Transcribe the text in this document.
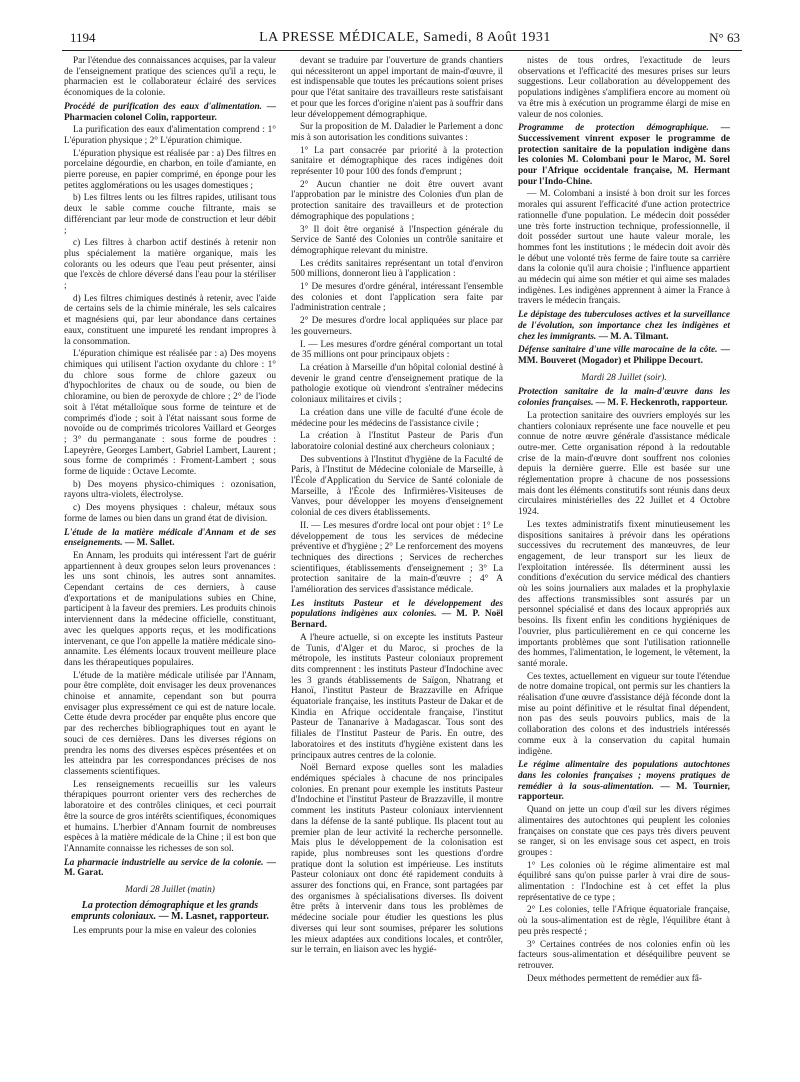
1194	LA PRESSE MÉDICALE, Samedi, 8 Août 1931	N° 63

Par l'étendue des connaissances acquises, par la valeur de l'enseignement pratique des sciences qu'il a reçu, le pharmacien est le collaborateur éclairé des services économiques de la colonie.

Procédé de purification des eaux d'alimentation. — Pharmacien colonel Colin, rapporteur.

La purification des eaux d'alimentation comprend : 1° L'épuration physique ; 2° L'épuration chimique.

L'épuration physique est réalisée par : a) Des filtres en porcelaine dégourdie, en charbon, en toile d'amiante, en pierre poreuse, en papier comprimé, en éponge pour les petites agglomérations ou les usages domestiques ;

b) Les filtres lents ou les filtres rapides, utilisant tous deux le sable comme couche filtrante, mais se différenciant par leur mode de construction et leur débit ;

c) Les filtres à charbon actif destinés à retenir non plus spécialement la matière organique, mais les colorants ou les odeurs que l'eau peut présenter, ainsi que l'excès de chlore déversé dans l'eau pour la stériliser ;

d) Les filtres chimiques destinés à retenir, avec l'aide de certains sels de la chimie minérale, les sels calcaires et magnésiens qui, par leur abondance dans certaines eaux, constituent une impureté les rendant impropres à la consommation.

L'épuration chimique est réalisée par : a) Des moyens chimiques qui utilisent l'action oxydante du chlore : 1° du chlore sous forme de chlore gazeux ou d'hypochlorites de chaux ou de soude, ou bien de chloramine, ou bien de peroxyde de chlore ; 2° de l'iode soit à l'état métalloïque sous forme de teinture et de comprimés d'iode ; soit à l'état naissant sous forme de novoïde ou de comprimés tricolores Vaillard et Georges ; 3° du permanganate : sous forme de poudres : Lapeyrère, Georges Lambert, Gabriel Lambert, Laurent ; sous forme de comprimés : Froment-Lambert ; sous forme de liquide : Octave Lecomte.

b) Des moyens physico-chimiques : ozonisation, rayons ultra-violets, électrolyse.

c) Des moyens physiques : chaleur, métaux sous forme de lames ou bien dans un grand état de division.

L'étude de la matière médicale d'Annam et de ses enseignements. — M. Sallet.

En Annam, les produits qui intéressent l'art de guérir appartiennent à deux groupes selon leurs provenances : les uns sont chinois, les autres sont annamites. Cependant certains de ces derniers, à cause d'exportations et de manipulations subies en Chine, participent à la faveur des premiers. Les produits chinois interviennent dans la médecine officielle, constituant, avec les quelques apports reçus, et les modifications intervenant, ce que l'on appelle la matière médicale sino-annamite. Les éléments locaux trouvent meilleure place dans les thérapeutiques populaires.

L'étude de la matière médicale utilisée par l'Annam, pour être complète, doit envisager les deux provenances chinoise et annamite, cependant son but pourra envisager plus expressément ce qui est de nature locale. Cette étude devra procéder par enquête plus encore que par des recherches bibliographiques tout en ayant le souci de ces dernières. Dans les diverses régions on prendra les noms des diverses espèces présentées et on les atteindra par les correspondances précises de nos classements scientifiques.

Les renseignements recueillis sur les valeurs thérapiques pourront orienter vers des recherches de laboratoire et des contrôles cliniques, et ceci pourrait être la source de gros intérêts scientifiques, économiques et humains. L'herbier d'Annam fournit de nombreuses espèces à la matière médicale de la Chine ; il est bon que l'Annamite connaisse les richesses de son sol.

La pharmacie industrielle au service de la colonie. — M. Garat.

Mardi 28 Juillet (matin)

La protection démographique et les grands emprunts coloniaux. — M. Lasnet, rapporteur.

Les emprunts pour la mise en valeur des colonies

devant se traduire par l'ouverture de grands chantiers qui nécessiteront un appel important de main-d'œuvre, il est indispensable que toutes les précautions soient prises pour que l'état sanitaire des travailleurs reste satisfaisant et pour que les forces d'origine n'aient pas à souffrir dans leur développement démographique.

Sur la proposition de M. Daladier le Parlement a donc mis à son autorisation les conditions suivantes :

1° La part consacrée par priorité à la protection sanitaire et démographique des races indigènes doit représenter 10 pour 100 des fonds d'emprunt ;

2° Aucun chantier ne doit être ouvert avant l'approbation par le ministre des Colonies d'un plan de protection sanitaire des travailleurs et de protection démographique des populations ;

3° Il doit être organisé à l'Inspection générale du Service de Santé des Colonies un contrôle sanitaire et démographique relevant du ministre.

Les crédits sanitaires représentant un total d'environ 500 millions, donneront lieu à l'application :

1° De mesures d'ordre général, intéressant l'ensemble des colonies et dont l'application sera faite par l'administration centrale ;

2° De mesures d'ordre local appliquées sur place par les gouverneurs.

I. — Les mesures d'ordre général comportant un total de 35 millions ont pour principaux objets :

La création à Marseille d'un hôpital colonial destiné à devenir le grand centre d'enseignement pratique de la pathologie exotique où viendront s'entraîner médecins coloniaux militaires et civils ;

La création dans une ville de faculté d'une école de médecine pour les médecins de l'assistance civile ;

La création à l'Institut Pasteur de Paris d'un laboratoire colonial destiné aux chercheurs coloniaux ;

Des subventions à l'Institut d'hygiène de la Faculté de Paris, à l'Institut de Médecine coloniale de Marseille, à l'École d'Application du Service de Santé coloniale de Marseille, à l'École des Infirmières-Visiteuses de Vanves, pour développer les moyens d'enseignement colonial de ces divers établissements.

II. — Les mesures d'ordre local ont pour objet : 1° Le développement de tous les services de médecine préventive et d'hygiène ; 2° Le renforcement des moyens techniques des directions ; Services de recherches scientifiques, établissements d'enseignement ; 3° La protection sanitaire de la main-d'œuvre ; 4° A l'amélioration des services d'assistance médicale.

Les instituts Pasteur et le développement des populations indigènes aux colonies. — M. P. Noël Bernard.

A l'heure actuelle, si on excepte les instituts Pasteur de Tunis, d'Alger et du Maroc, si proches de la métropole, les instituts Pasteur coloniaux proprement dits comprennent : les instituts Pasteur d'Indochine avec les 3 grands établissements de Saïgon, Nhatrang et Hanoï, l'institut Pasteur de Brazzaville en Afrique équatoriale française, les instituts Pasteur de Dakar et de Kindia en Afrique occidentale française, l'institut Pasteur de Tananarive à Madagascar. Tous sont des filiales de l'Institut Pasteur de Paris. En outre, des laboratoires et des instituts d'hygiène existent dans les principaux autres centres de la colonie.

Noël Bernard expose quelles sont les maladies endémiques spéciales à chacune de nos principales colonies. En prenant pour exemple les instituts Pasteur d'Indochine et l'institut Pasteur de Brazzaville, il montre comment les instituts Pasteur coloniaux interviennent dans la défense de la santé publique. Ils placent tout au premier plan de leur activité la recherche personnelle. Mais plus le développement de la colonisation est rapide, plus nombreuses sont les questions d'ordre pratique dont la solution est impérieuse. Les instituts Pasteur coloniaux ont donc été rapidement conduits à assurer des fonctions qui, en France, sont partagées par des organismes à spécialisations diverses. Ils doivent être prêts à intervenir dans tous les problèmes de médecine sociale pour étudier les questions les plus diverses qui leur sont soumises, préparer les solutions les mieux adaptées aux conditions locales, et contrôler, sur le terrain, en liaison avec les hygié-

nistes de tous ordres, l'exactitude de leurs observations et l'efficacité des mesures prises sur leurs suggestions. Leur collaboration au développement des populations indigènes s'amplifiera encore au moment où va être mis à exécution un programme élargi de mise en valeur de nos colonies.

Programme de protection démographique. — Successivement vinrent exposer le programme de protection sanitaire de la population indigène dans les colonies M. Colombani pour le Maroc, M. Sorel pour l'Afrique occidentale française, M. Hermant pour l'Indo-Chine.

— M. Colombani a insisté à bon droit sur les forces morales qui assurent l'efficacité d'une action protectrice rationnelle d'une population. Le médecin doit posséder une très forte instruction technique, professionnelle, il doit posséder surtout une haute valeur morale, les hommes font les institutions ; le médecin doit avoir dès le début une volonté très ferme de faire toute sa carrière dans la colonie qu'il aura choisie ; l'influence appartient au médecin qui aime son métier et qui aime ses malades indigènes. Les indigènes apprennent à aimer la France à travers le médecin français.

Le dépistage des tuberculoses actives et la surveillance de l'évolution, son importance chez les indigènes et chez les immigrants. — M. A. Tilmant.

Défense sanitaire d'une ville marocaine de la côte. — MM. Bouveret (Mogador) et Philippe Decourt.

Mardi 28 Juillet (soir).

Protection sanitaire de la main-d'œuvre dans les colonies françaises. — M. F. Heckenroth, rapporteur.

La protection sanitaire des ouvriers employés sur les chantiers coloniaux représente une face nouvelle et peu connue de notre œuvre générale d'assistance médicale outre-mer. Cette organisation répond à la redoutable crise de la main-d'œuvre dont souffrent nos colonies depuis la dernière guerre. Elle est basée sur une réglementation propre à chacune de nos possessions mais dont les éléments constitutifs sont réunis dans deux circulaires ministérielles des 22 Juillet et 4 Octobre 1924.

Les textes administratifs fixent minutieusement les dispositions sanitaires à prévoir dans les opérations successives du recrutement des manœuvres, de leur engagement, de leur transport sur les lieux de l'exploitation intéressée. Ils déterminent aussi les conditions d'exécution du service médical des chantiers où les soins journaliers aux malades et la prophylaxie des affections transmissibles sont assurés par un personnel spécialisé et dans des locaux appropriés aux besoins. Ils fixent enfin les conditions hygiéniques de l'ouvrier, plus particulièrement en ce qui concerne les importants problèmes que sont l'utilisation rationnelle des hommes, l'alimentation, le logement, le vêtement, la santé morale.

Ces textes, actuellement en vigueur sur toute l'étendue de notre domaine tropical, ont permis sur les chantiers la réalisation d'une œuvre d'assistance déjà féconde dont la mise au point définitive et le résultat final dépendent, non pas des seuls pouvoirs publics, mais de la collaboration des colons et des industriels intéressés comme eux à la conservation du capital humain indigène.

Le régime alimentaire des populations autochtones dans les colonies françaises ; moyens pratiques de remédier à la sous-alimentation. — M. Tournier, rapporteur.

Quand on jette un coup d'œil sur les divers régimes alimentaires des autochtones qui peuplent les colonies françaises on constate que ces pays très divers peuvent se ranger, si on les envisage sous cet aspect, en trois groupes :

1° Les colonies où le régime alimentaire est mal équilibré sans qu'on puisse parler à vrai dire de sous-alimentation : l'Indochine est à cet effet la plus représentative de ce type ;

2° Les colonies, telle l'Afrique équatoriale française, où la sous-alimentation est de règle, l'équilibre étant à peu près respecté ;

3° Certaines contrées de nos colonies enfin où les facteurs sous-alimentation et déséquilibre peuvent se retrouver.

Deux méthodes permettent de remédier aux fâ-
